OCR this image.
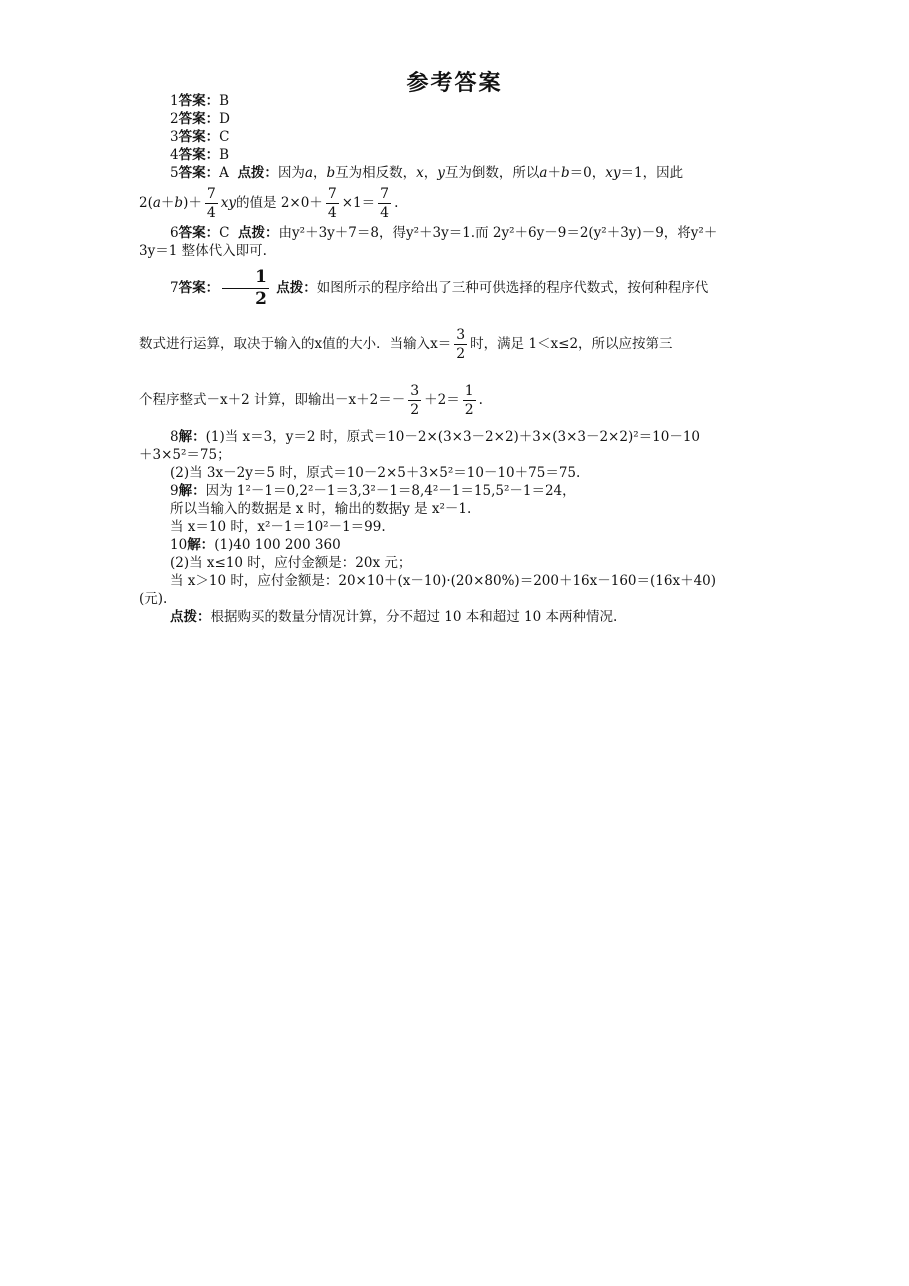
参考答案

1答案：B

2答案：D

3答案：C

4答案：B

5答案：A 点拨：因为a，b互为相反数，x，y互为倒数，所以a＋b＝0，xy＝1，因此

$2(a+b)+ \frac{7}{4}$ xy的值是 $2\times 0+ \frac{7}{4} \times 1= \frac{7}{4}$ .

6答案：C 点拨：由y²＋3y＋7＝8，得y²＋3y＝1.而 2y²＋6y－9＝2(y²＋3y)－9，将y²＋

3y＝1 整体代入即可.

7答案： $\frac{1}{2}$ 点拨：如图所示的程序给出了三种可供选择的程序代数式，按何种程序代

数式进行运算，取决于输入的x值的大小．当输入$x= \frac{3}{2}$ 时，满足 1＜x≤2，所以应按第三

个程序整式－x＋2 计算，即输出$-x+2=- \frac{3}{2} +2= \frac{1}{2}$ .

8解：(1)当 x＝3，y＝2 时，原式＝10－2×(3×3－2×2)＋3×(3×3－2×2)²＝10－10

＋3×5²＝75；

(2)当 3x－2y＝5 时，原式＝10－2×5＋3×5²＝10－10＋75＝75.

9解：因为 1²－1＝0,2²－1＝3,3²－1＝8,4²－1＝15,5²－1＝24，

所以当输入的数据是 x 时，输出的数据y 是 x²－1.

当 x＝10 时，x²－1＝10²－1＝99.

10解：(1)40 100 200 360

(2)当 x≤10 时，应付金额是：20x 元；

当 x＞10 时，应付金额是：20×10＋(x－10)·(20×80%)＝200＋16x－160＝(16x＋40)

(元).

点拨：根据购买的数量分情况计算，分不超过 10 本和超过 10 本两种情况.
